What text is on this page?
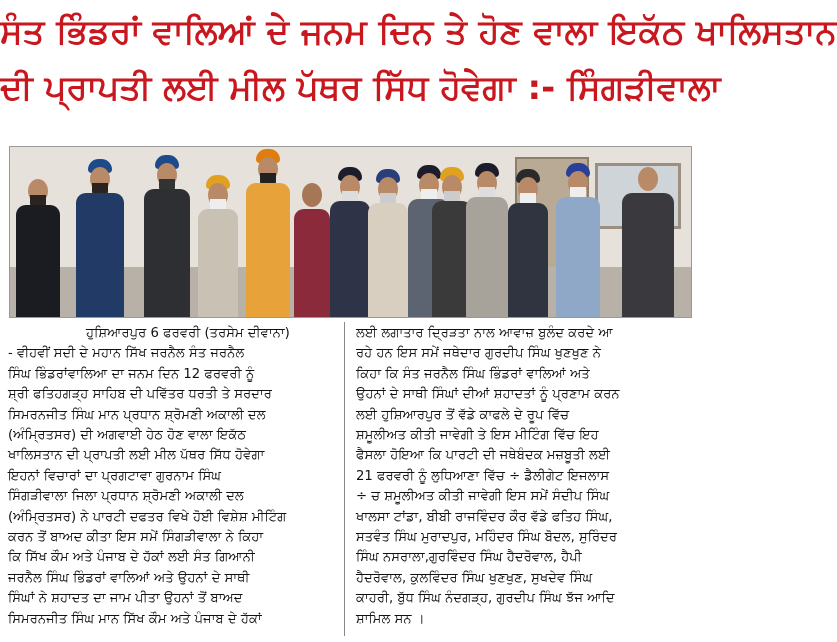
ਸੰਤ ਭਿੰਡਰਾਂ ਵਾਲਿਆਂ ਦੇ ਜਨਮ ਦਿਨ ਤੇ ਹੋਣ ਵਾਲਾ ਇਕੱਠ ਖਾਲਿਸਤਾਨ
ਦੀ ਪ੍ਰਾਪਤੀ ਲਈ ਮੀਲ ਪੱਥਰ ਸਿੱਧ ਹੋਵੇਗਾ :- ਸਿੰਗੜੀਵਾਲਾ
ਹੁਸ਼ਿਆਰਪੁਰ 6 ਫਰਵਰੀ (ਤਰਸੇਮ ਦੀਵਾਨਾ)
- ਵੀਹਵੀਂ ਸਦੀ ਦੇ ਮਹਾਨ ਸਿੱਖ ਜਰਨੈਲ ਸੰਤ ਜਰਨੈਲ
ਸਿੰਘ ਭਿੰਡਰਾਂਵਾਲਿਆ ਦਾ ਜਨਮ ਦਿਨ 12 ਫਰਵਰੀ ਨੂੰ
ਸ਼੍ਰੀ ਫਤਿਹਗੜ੍ਹ ਸਾਹਿਬ ਦੀ ਪਵਿੱਤਰ ਧਰਤੀ ਤੇ ਸਰਦਾਰ
ਸਿਮਰਨਜੀਤ ਸਿੰਘ ਮਾਨ ਪ੍ਰਧਾਨ ਸ਼੍ਰੋਮਣੀ ਅਕਾਲੀ ਦਲ
(ਅੰਮ੍ਰਿਤਸਰ) ਦੀ ਅਗਵਾਈ ਹੇਠ ਹੋਣ ਵਾਲਾ ਇਕੱਠ
ਖਾਲਿਸਤਾਨ ਦੀ ਪ੍ਰਾਪਤੀ ਲਈ ਮੀਲ ਪੱਥਰ ਸਿੱਧ ਹੋਵੇਗਾ
ਇਹਨਾਂ ਵਿਚਾਰਾਂ ਦਾ ਪ੍ਰਗਟਾਵਾ ਗੁਰਨਾਮ ਸਿੰਘ
ਸਿੰਗੜੀਵਾਲਾ ਜਿਲਾ ਪ੍ਰਧਾਨ ਸ਼੍ਰੋਮਣੀ ਅਕਾਲੀ ਦਲ
(ਅੰਮ੍ਰਿਤਸਰ) ਨੇ ਪਾਰਟੀ ਦਫਤਰ ਵਿਖੇ ਹੋਈ ਵਿਸ਼ੇਸ਼ ਮੀਟਿੰਗ
ਕਰਨ ਤੋਂ ਬਾਅਦ ਕੀਤਾ ਇਸ ਸਮੇਂ ਸਿੰਗੜੀਵਾਲਾ ਨੇ ਕਿਹਾ
ਕਿ ਸਿੱਖ ਕੌਮ ਅਤੇ ਪੰਜਾਬ ਦੇ ਹੱਕਾਂ ਲਈ ਸੰਤ ਗਿਆਨੀ
ਜਰਨੈਲ ਸਿੰਘ ਭਿੰਡਰਾਂ ਵਾਲਿਆਂ ਅਤੇ ਉਹਨਾਂ ਦੇ ਸਾਥੀ
ਸਿੰਘਾਂ ਨੇ ਸ਼ਹਾਦਤ ਦਾ ਜਾਮ ਪੀਤਾ ਉਹਨਾਂ ਤੋਂ ਬਾਅਦ
ਸਿਮਰਨਜੀਤ ਸਿੰਘ ਮਾਨ ਸਿੱਖ ਕੌਮ ਅਤੇ ਪੰਜਾਬ ਦੇ ਹੱਕਾਂ
ਲਈ ਲਗਾਤਾਰ ਦ੍ਰਿੜਤਾ ਨਾਲ ਆਵਾਜ਼ ਬੁਲੰਦ ਕਰਦੇ ਆ
ਰਹੇ ਹਨ ਇਸ ਸਮੇਂ ਜਥੇਦਾਰ ਗੁਰਦੀਪ ਸਿੰਘ ਖੁਣਖੁਣ ਨੇ
ਕਿਹਾ ਕਿ ਸੰਤ ਜਰਨੈਲ ਸਿੰਘ ਭਿੰਡਰਾਂ ਵਾਲਿਆਂ ਅਤੇ
ਉਹਨਾਂ ਦੇ ਸਾਥੀ ਸਿੰਘਾਂ ਦੀਆਂ ਸ਼ਹਾਦਤਾਂ ਨੂੰ ਪ੍ਰਣਾਮ ਕਰਨ
ਲਈ ਹੁਸ਼ਿਆਰਪੁਰ ਤੋਂ ਵੱਡੇ ਕਾਫਲੇ ਦੇ ਰੂਪ ਵਿੱਚ
ਸ਼ਮੂਲੀਅਤ ਕੀਤੀ ਜਾਵੇਗੀ ਤੇ ਇਸ ਮੀਟਿੰਗ ਵਿੱਚ ਇਹ
ਫੈਸਲਾ ਹੋਇਆ ਕਿ ਪਾਰਟੀ ਦੀ ਜਥੇਬੰਦਕ ਮਜ਼ਬੂਤੀ ਲਈ
21 ਫਰਵਰੀ ਨੂੰ ਲੁਧਿਆਣਾ ਵਿੱਚ ÷ ਡੈਲੀਗੇਟ ਇਜਲਾਸ
÷ ਚ ਸ਼ਮੂਲੀਅਤ ਕੀਤੀ ਜਾਵੇਗੀ ਇਸ ਸਮੇਂ ਸੰਦੀਪ ਸਿੰਘ
ਖਾਲਸਾ ਟਾਂਡਾ, ਬੀਬੀ ਰਾਜਵਿੰਦਰ ਕੌਰ ਵੱਡੇ ਫਤਿਹ ਸਿੰਘ,
ਸਤਵੰਤ ਸਿੰਘ ਮੁਰਾਦਪੁਰ, ਮਹਿੰਦਰ ਸਿੰਘ ਬੋਦਲ, ਸੁਰਿੰਦਰ
ਸਿੰਘ ਨਸਰਾਲਾ,ਗੁਰਵਿੰਦਰ ਸਿੰਘ ਹੈਦਰੋਵਾਲ, ਹੈਪੀ
ਹੈਦਰੋਵਾਲ, ਕੁਲਵਿੰਦਰ ਸਿੰਘ ਖੁਣਖੁਣ, ਸੁਖਦੇਵ ਸਿੰਘ
ਕਾਹਰੀ, ਬੁੱਧ ਸਿੰਘ ਨੰਦਗੜ੍ਹ, ਗੁਰਦੀਪ ਸਿੰਘ ਝੱਜ ਆਦਿ
ਸ਼ਾਮਿਲ ਸਨ ।
